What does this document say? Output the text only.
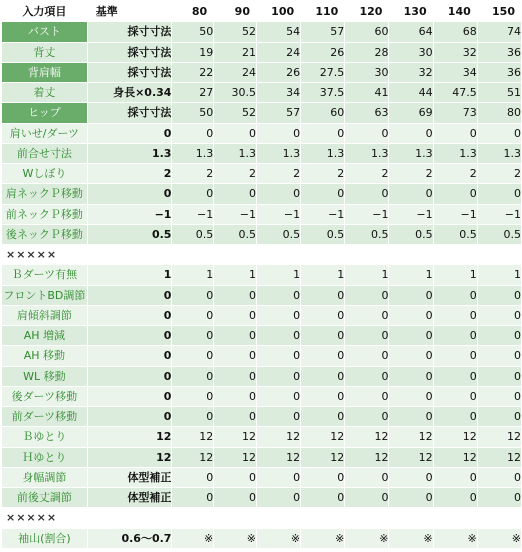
入力項目	基準	80	90	100	110	120	130	140	150
バスト	採寸寸法	50	52	54	57	60	64	68	74
背丈	採寸寸法	19	21	24	26	28	30	32	36
背肩幅	採寸寸法	22	24	26	27.5	30	32	34	36
着丈	身長×0.34	27	30.5	34	37.5	41	44	47.5	51
ヒップ	採寸寸法	50	52	57	60	63	69	73	80
肩いせ/ダーツ	0	0	0	0	0	0	0	0	0
前合せ寸法	1.3	1.3	1.3	1.3	1.3	1.3	1.3	1.3	1.3
Wしぼり	2	2	2	2	2	2	2	2	2
肩ネックＰ移動	0	0	0	0	0	0	0	0	0
前ネックＰ移動	−1	−1	−1	−1	−1	−1	−1	−1	−1
後ネックＰ移動	0.5	0.5	0.5	0.5	0.5	0.5	0.5	0.5	0.5
×××××									
Ｂダーツ有無	1	1	1	1	1	1	1	1	1
フロントBD調節	0	0	0	0	0	0	0	0	0
肩傾斜調節	0	0	0	0	0	0	0	0	0
AH 増減	0	0	0	0	0	0	0	0	0
AH 移動	0	0	0	0	0	0	0	0	0
WL 移動	0	0	0	0	0	0	0	0	0
後ダーツ移動	0	0	0	0	0	0	0	0	0
前ダーツ移動	0	0	0	0	0	0	0	0	0
Ｂゆとり	12	12	12	12	12	12	12	12	12
Ｈゆとり	12	12	12	12	12	12	12	12	12
身幅調節	体型補正	0	0	0	0	0	0	0	0
前後丈調節	体型補正	0	0	0	0	0	0	0	0
×××××									
袖山(割合)	0.6〜0.7	※	※	※	※	※	※	※	※
